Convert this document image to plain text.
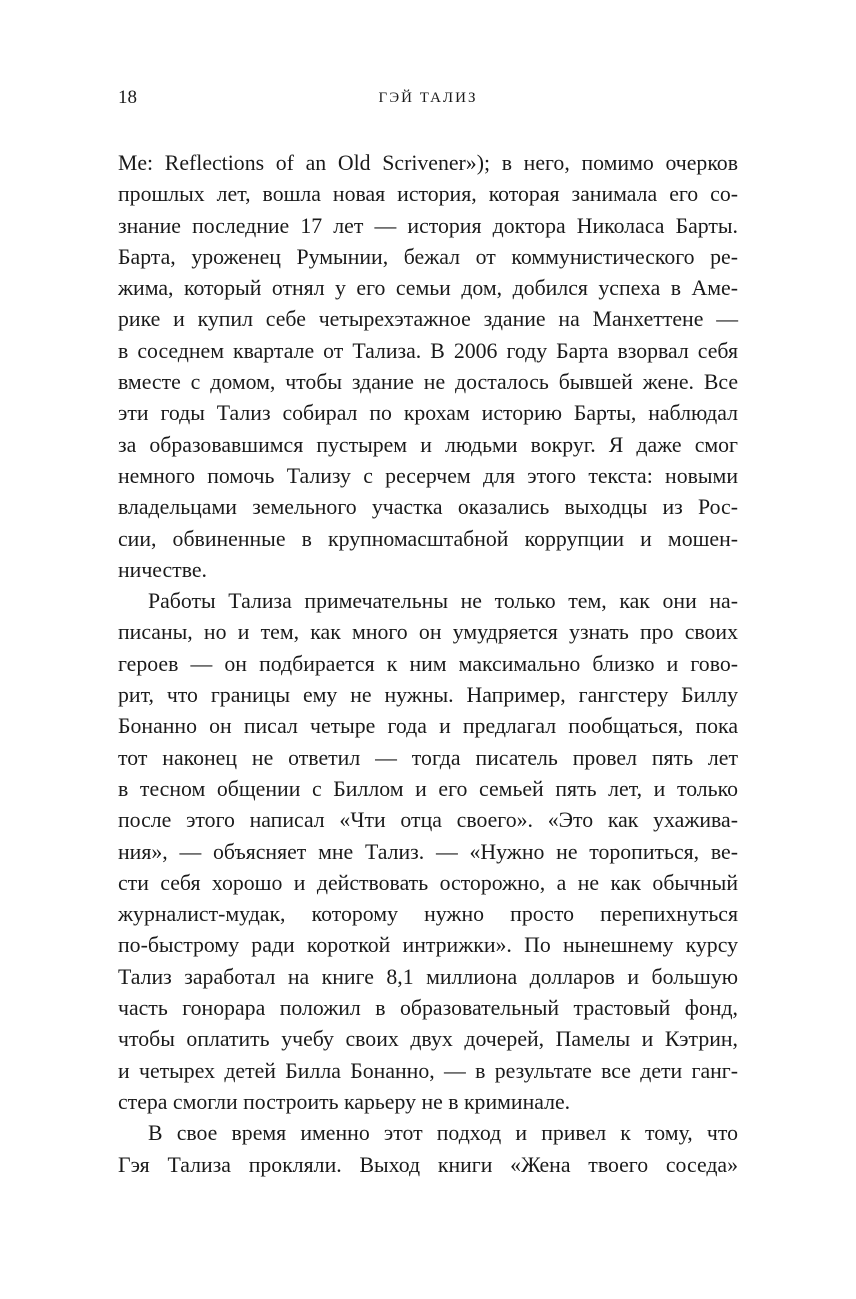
18	ГЭЙ ТАЛИЗ
Me: Reflections of an Old Scrivener»); в него, помимо очерков
прошлых лет, вошла новая история, которая занимала его со-
знание последние 17 лет — история доктора Николаса Барты.
Барта, уроженец Румынии, бежал от коммунистического ре-
жима, который отнял у его семьи дом, добился успеха в Аме-
рике и купил себе четырехэтажное здание на Манхеттене —
в соседнем квартале от Тализа. В 2006 году Барта взорвал себя
вместе с домом, чтобы здание не досталось бывшей жене. Все
эти годы Тализ собирал по крохам историю Барты, наблюдал
за образовавшимся пустырем и людьми вокруг. Я даже смог
немного помочь Тализу с ресерчем для этого текста: новыми
владельцами земельного участка оказались выходцы из Рос-
сии, обвиненные в крупномасштабной коррупции и мошен-
ничестве.
Работы Тализа примечательны не только тем, как они на-
писаны, но и тем, как много он умудряется узнать про своих
героев — он подбирается к ним максимально близко и гово-
рит, что границы ему не нужны. Например, гангстеру Биллу
Бонанно он писал четыре года и предлагал пообщаться, пока
тот наконец не ответил — тогда писатель провел пять лет
в тесном общении с Биллом и его семьей пять лет, и только
после этого написал «Чти отца своего». «Это как ухажива-
ния», — объясняет мне Тализ. — «Нужно не торопиться, ве-
сти себя хорошо и действовать осторожно, а не как обычный
журналист-мудак, которому нужно просто перепихнуться
по-быстрому ради короткой интрижки». По нынешнему курсу
Тализ заработал на книге 8,1 миллиона долларов и большую
часть гонорара положил в образовательный трастовый фонд,
чтобы оплатить учебу своих двух дочерей, Памелы и Кэтрин,
и четырех детей Билла Бонанно, — в результате все дети ганг-
стера смогли построить карьеру не в криминале.
В свое время именно этот подход и привел к тому, что
Гэя Тализа прокляли. Выход книги «Жена твоего соседа»
